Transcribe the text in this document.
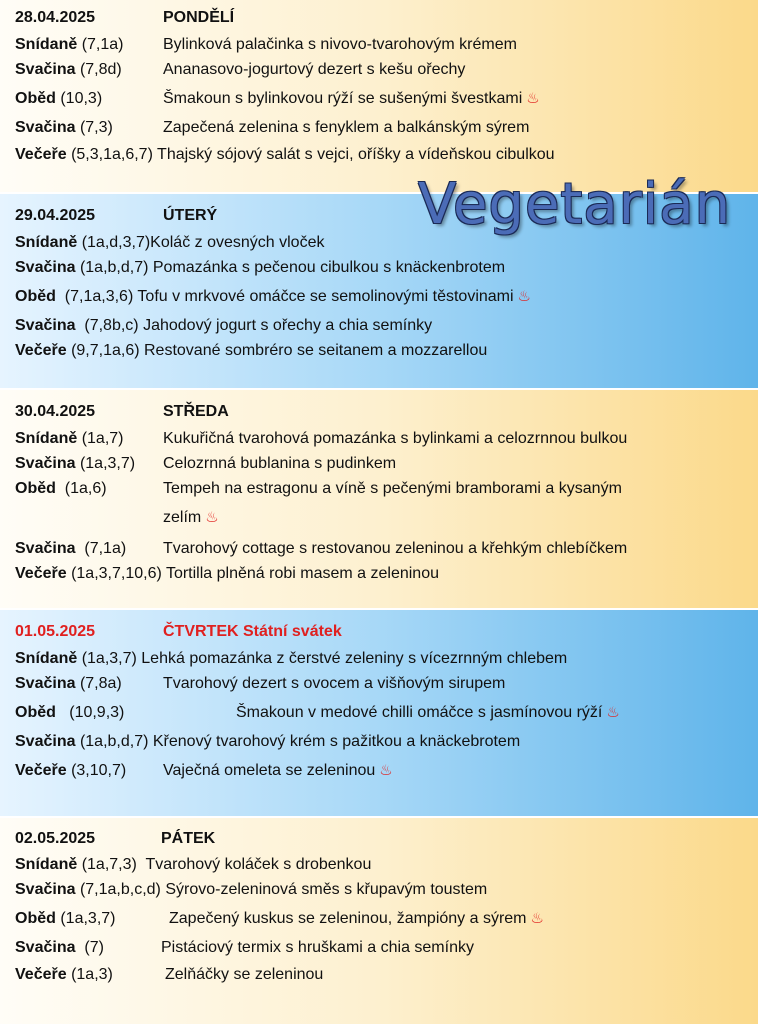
28.04.2025	PONDĚLÍ
Snídaně (7,1a) Bylinková palačinka s nivovo-tvarohovým krémem
Svačina (7,8d)	Ananasovo-jogurtový dezert s kešu ořechy
Oběd (10,3)	Šmakoun s bylinkovou rýží se sušenými švestkami ♨
Svačina (7,3)	Zapečená zelenina s fenyklem a balkánským sýrem
Večeře (5,3,1a,6,7) Thajský sójový salát s vejci, oříšky a vídeňskou cibulkou
29.04.2025	ÚTERÝ
Snídaně (1a,d,3,7)Koláč z ovesných vloček
Svačina (1a,b,d,7) Pomazánka s pečenou cibulkou s knäckenbrotem
Oběd (7,1a,3,6) Tofu v mrkvové omáčce se semolinovými těstovinami ♨
Svačina (7,8b,c) Jahodový jogurt s ořechy a chia semínky
Večeře (9,7,1a,6) Restované sombréro se seitanem a mozzarellou
30.04.2025	STŘEDA
Snídaně (1a,7) Kukuřičná tvarohová pomazánka s bylinkami a celozrnnou bulkou
Svačina (1a,3,7) Celozrnná bublanina s pudinkem
Oběd (1a,6)	Tempeh na estragonu a víně s pečenými bramborami a kysaným
zelím ♨
Svačina (7,1a) Tvarohový cottage s restovanou zeleninou a křehkým chlebíčkem
Večeře (1a,3,7,10,6) Tortilla plněná robi masem a zeleninou
01.05.2025	ČTVRTEK Státní svátek
Snídaně (1a,3,7) Lehká pomazánka z čerstvé zeleniny s vícezrnným chlebem
Svačina (7,8a)	Tvarohový dezert s ovocem a višňovým sirupem
Oběd (10,9,3)	Šmakoun v medové chilli omáčce s jasmínovou rýží ♨
Svačina (1a,b,d,7) Křenový tvarohový krém s pažitkou a knäckebrotem
Večeře (3,10,7) Vaječná omeleta se zeleninou ♨
02.05.2025	PÁTEK
Snídaně (1a,7,3) Tvarohový koláček s drobenkou
Svačina (7,1a,b,c,d) Sýrovo-zeleninová směs s křupavým toustem
Oběd (1a,3,7)	Zapečený kuskus se zeleninou, žampióny a sýrem ♨
Svačina (7)	Pistáciový termix s hruškami a chia semínky
Večeře (1a,3)	Zelňáčky se zeleninou
Vegetarián
